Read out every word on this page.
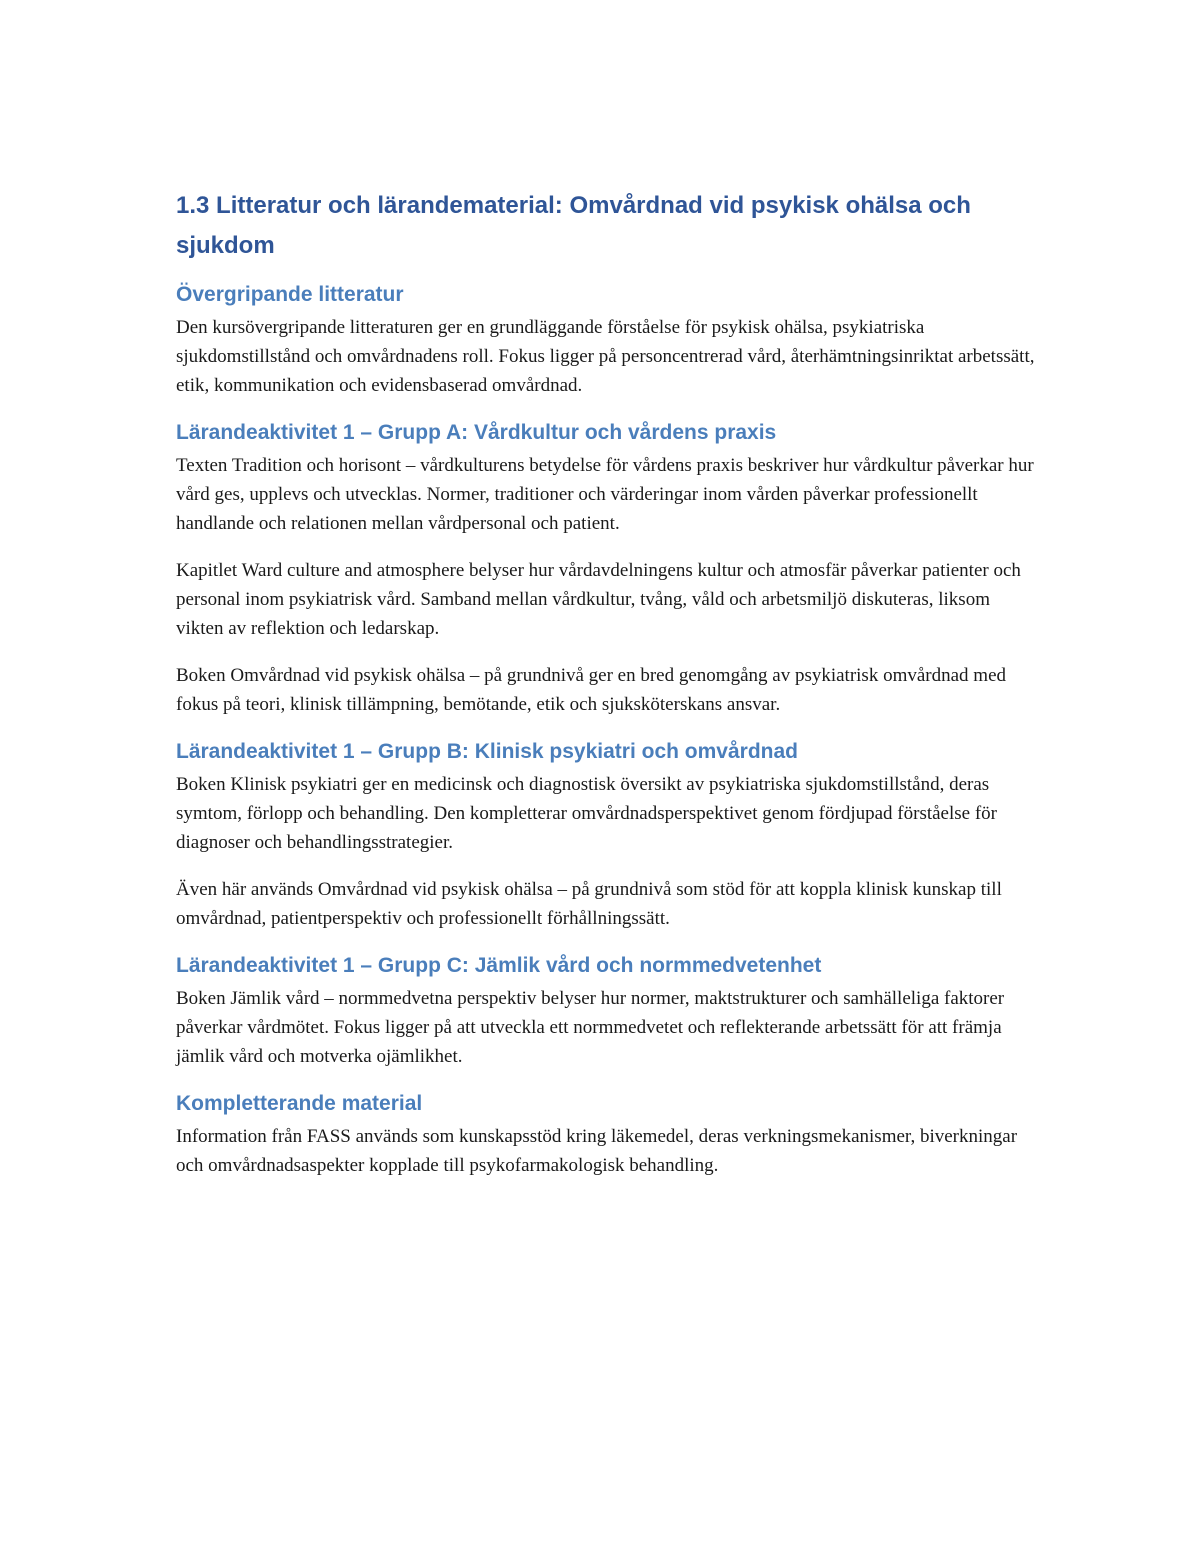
1.3 Litteratur och lärandematerial: Omvårdnad vid psykisk ohälsa och sjukdom
Övergripande litteratur

Den kursövergripande litteraturen ger en grundläggande förståelse för psykisk ohälsa, psykiatriska sjukdomstillstånd och omvårdnadens roll. Fokus ligger på personcentrerad vård, återhämtningsinriktat arbetssätt, etik, kommunikation och evidensbaserad omvårdnad.

Lärandeaktivitet 1 – Grupp A: Vårdkultur och vårdens praxis

Texten Tradition och horisont – vårdkulturens betydelse för vårdens praxis beskriver hur vårdkultur påverkar hur vård ges, upplevs och utvecklas. Normer, traditioner och värderingar inom vården påverkar professionellt handlande och relationen mellan vårdpersonal och patient.

Kapitlet Ward culture and atmosphere belyser hur vårdavdelningens kultur och atmosfär påverkar patienter och personal inom psykiatrisk vård. Samband mellan vårdkultur, tvång, våld och arbetsmiljö diskuteras, liksom vikten av reflektion och ledarskap.

Boken Omvårdnad vid psykisk ohälsa – på grundnivå ger en bred genomgång av psykiatrisk omvårdnad med fokus på teori, klinisk tillämpning, bemötande, etik och sjuksköterskans ansvar.

Lärandeaktivitet 1 – Grupp B: Klinisk psykiatri och omvårdnad

Boken Klinisk psykiatri ger en medicinsk och diagnostisk översikt av psykiatriska sjukdomstillstånd, deras symtom, förlopp och behandling. Den kompletterar omvårdnadsperspektivet genom fördjupad förståelse för diagnoser och behandlingsstrategier.

Även här används Omvårdnad vid psykisk ohälsa – på grundnivå som stöd för att koppla klinisk kunskap till omvårdnad, patientperspektiv och professionellt förhållningssätt.

Lärandeaktivitet 1 – Grupp C: Jämlik vård och normmedvetenhet

Boken Jämlik vård – normmedvetna perspektiv belyser hur normer, maktstrukturer och samhälleliga faktorer påverkar vårdmötet. Fokus ligger på att utveckla ett normmedvetet och reflekterande arbetssätt för att främja jämlik vård och motverka ojämlikhet.

Kompletterande material

Information från FASS används som kunskapsstöd kring läkemedel, deras verkningsmekanismer, biverkningar och omvårdnadsaspekter kopplade till psykofarmakologisk behandling.
